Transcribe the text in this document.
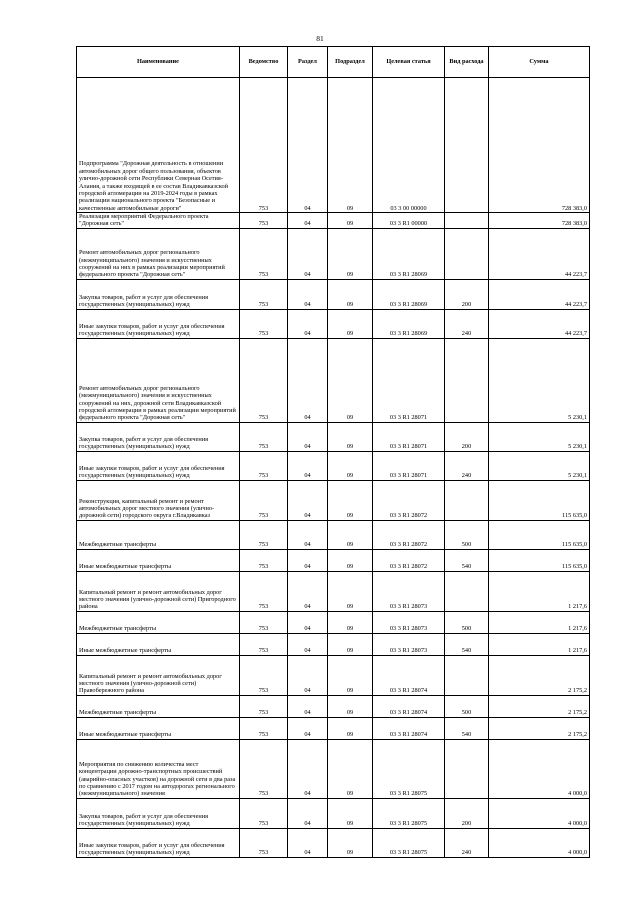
81
Наименование	Ведомство	Раздел	Подраздел	Целевая статья	Вид расхода	Сумма
Подпрограмма "Дорожная деятельность в отношении автомобильных дорог общего пользования, объектов улично-дорожной сети Республики Северная Осетия-Алания, а также входящей в ее состав Владикавказской городской агломерации на 2019-2024 годы в рамках реализации национального проекта "Безопасные и качественные автомобильные дороги"	753	04	09	03 3 00 00000		728 383,0
Реализация мероприятий Федерального проекта "Дорожная сеть"	753	04	09	03 3 R1 00000		728 383,0
Ремонт автомобильных дорог регионального (межмуниципального) значения и искусственных сооружений на них в рамках реализации мероприятий федерального проекта "Дорожная сеть"	753	04	09	03 3 R1 28069		44 223,7
Закупка товаров, работ и услуг для обеспечения государственных (муниципальных) нужд	753	04	09	03 3 R1 28069	200	44 223,7
Иные закупки товаров, работ и услуг для обеспечения государственных (муниципальных) нужд	753	04	09	03 3 R1 28069	240	44 223,7
Ремонт автомобильных дорог регионального (межмуниципального) значения и искусственных сооружений на них, дорожной сети Владикавказской городской агломерации в рамках реализации мероприятий федерального проекта "Дорожная сеть"	753	04	09	03 3 R1 28071		5 230,1
Закупка товаров, работ и услуг для обеспечения государственных (муниципальных) нужд	753	04	09	03 3 R1 28071	200	5 230,1
Иные закупки товаров, работ и услуг для обеспечения государственных (муниципальных) нужд	753	04	09	03 3 R1 28071	240	5 230,1
Реконструкция, капитальный ремонт и ремонт автомобильных дорог местного значения (улично-дорожной сети) городского округа г.Владикавказ	753	04	09	03 3 R1 28072		115 635,0
Межбюджетные трансферты	753	04	09	03 3 R1 28072	500	115 635,0
Иные межбюджетные трансферты	753	04	09	03 3 R1 28072	540	115 635,0
Капитальный ремонт и ремонт автомобильных дорог местного значения (улично-дорожной сети) Пригородного района	753	04	09	03 3 R1 28073		1 217,6
Межбюджетные трансферты	753	04	09	03 3 R1 28073	500	1 217,6
Иные межбюджетные трансферты	753	04	09	03 3 R1 28073	540	1 217,6
Капитальный ремонт и ремонт автомобильных дорог местного значения (улично-дорожной сети) Правобережного района	753	04	09	03 3 R1 28074		2 175,2
Межбюджетные трансферты	753	04	09	03 3 R1 28074	500	2 175,2
Иные межбюджетные трансферты	753	04	09	03 3 R1 28074	540	2 175,2
Мероприятия по снижению количества мест концентрации дорожно-транспортных происшествий (аварийно-опасных участков) на дорожной сети в два раза по сравнению с 2017 годом на автодорогах регионального (межмуниципального) значения	753	04	09	03 3 R1 28075		4 000,0
Закупка товаров, работ и услуг для обеспечения государственных (муниципальных) нужд	753	04	09	03 3 R1 28075	200	4 000,0
Иные закупки товаров, работ и услуг для обеспечения государственных (муниципальных) нужд	753	04	09	03 3 R1 28075	240	4 000,0
